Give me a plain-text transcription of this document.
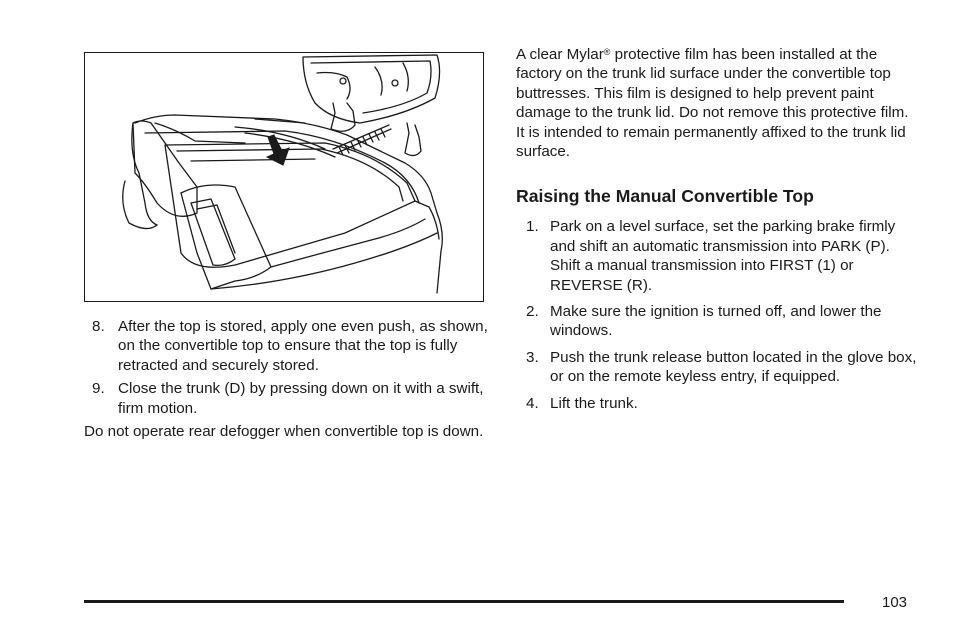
8. After the top is stored, apply one even push, as shown, on the convertible top to ensure that the top is fully retracted and securely stored.
9. Close the trunk (D) by pressing down on it with a swift, firm motion.

Do not operate rear defogger when convertible top is down.

A clear Mylar® protective film has been installed at the factory on the trunk lid surface under the convertible top buttresses. This film is designed to help prevent paint damage to the trunk lid. Do not remove this protective film. It is intended to remain permanently affixed to the trunk lid surface.

Raising the Manual Convertible Top
1. Park on a level surface, set the parking brake firmly and shift an automatic transmission into PARK (P). Shift a manual transmission into FIRST (1) or REVERSE (R).
2. Make sure the ignition is turned off, and lower the windows.
3. Push the trunk release button located in the glove box, or on the remote keyless entry, if equipped.
4. Lift the trunk.
103
